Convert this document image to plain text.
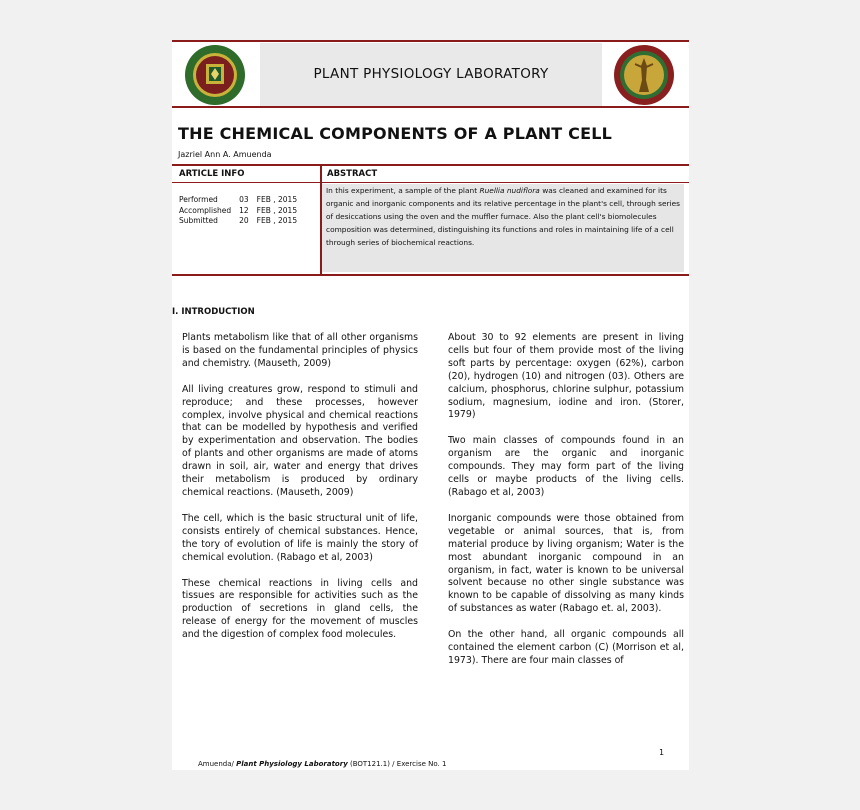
PLANT PHYSIOLOGY LABORATORY
THE CHEMICAL COMPONENTS OF A PLANT CELL
Jazriel Ann A. Amuenda
ARTICLE INFO	ABSTRACT
Performed	03	FEB , 2015
Accomplished	12	FEB , 2015
Submitted	20	FEB , 2015
In this experiment, a sample of the plant Ruellia nudiflora was cleaned and examined for its organic and inorganic components and its relative percentage in the plant's cell, through series of desiccations using the oven and the muffler furnace. Also the plant cell's biomolecules composition was determined, distinguishing its functions and roles in maintaining life of a cell through series of biochemical reactions.
I. INTRODUCTION

Plants metabolism like that of all other organisms is based on the fundamental principles of physics and chemistry. (Mauseth, 2009)

All living creatures grow, respond to stimuli and reproduce; and these processes, however complex, involve physical and chemical reactions that can be modelled by hypothesis and verified by experimentation and observation. The bodies of plants and other organisms are made of atoms drawn in soil, air, water and energy that drives their metabolism is produced by ordinary chemical reactions. (Mauseth, 2009)

The cell, which is the basic structural unit of life, consists entirely of chemical substances. Hence, the tory of evolution of life is mainly the story of chemical evolution. (Rabago et al, 2003)

These chemical reactions in living cells and tissues are responsible for activities such as the production of secretions in gland cells, the release of energy for the movement of muscles and the digestion of complex food molecules.

About 30 to 92 elements are present in living cells but four of them provide most of the living soft parts by percentage: oxygen (62%), carbon (20), hydrogen (10) and nitrogen (03). Others are calcium, phosphorus, chlorine sulphur, potassium sodium, magnesium, iodine and iron. (Storer, 1979)

Two main classes of compounds found in an organism are the organic and inorganic compounds. They may form part of the living cells or maybe products of the living cells. (Rabago et al, 2003)

Inorganic compounds were those obtained from vegetable or animal sources, that is, from material produce by living organism; Water is the most abundant inorganic compound in an organism, in fact, water is known to be universal solvent because no other single substance was known to be capable of dissolving as many kinds of substances as water (Rabago et. al, 2003).

On the other hand, all organic compounds all contained the element carbon (C) (Morrison et al, 1973). There are four main classes of

1
Amuenda/ Plant Physiology Laboratory (BOT121.1) / Exercise No. 1
